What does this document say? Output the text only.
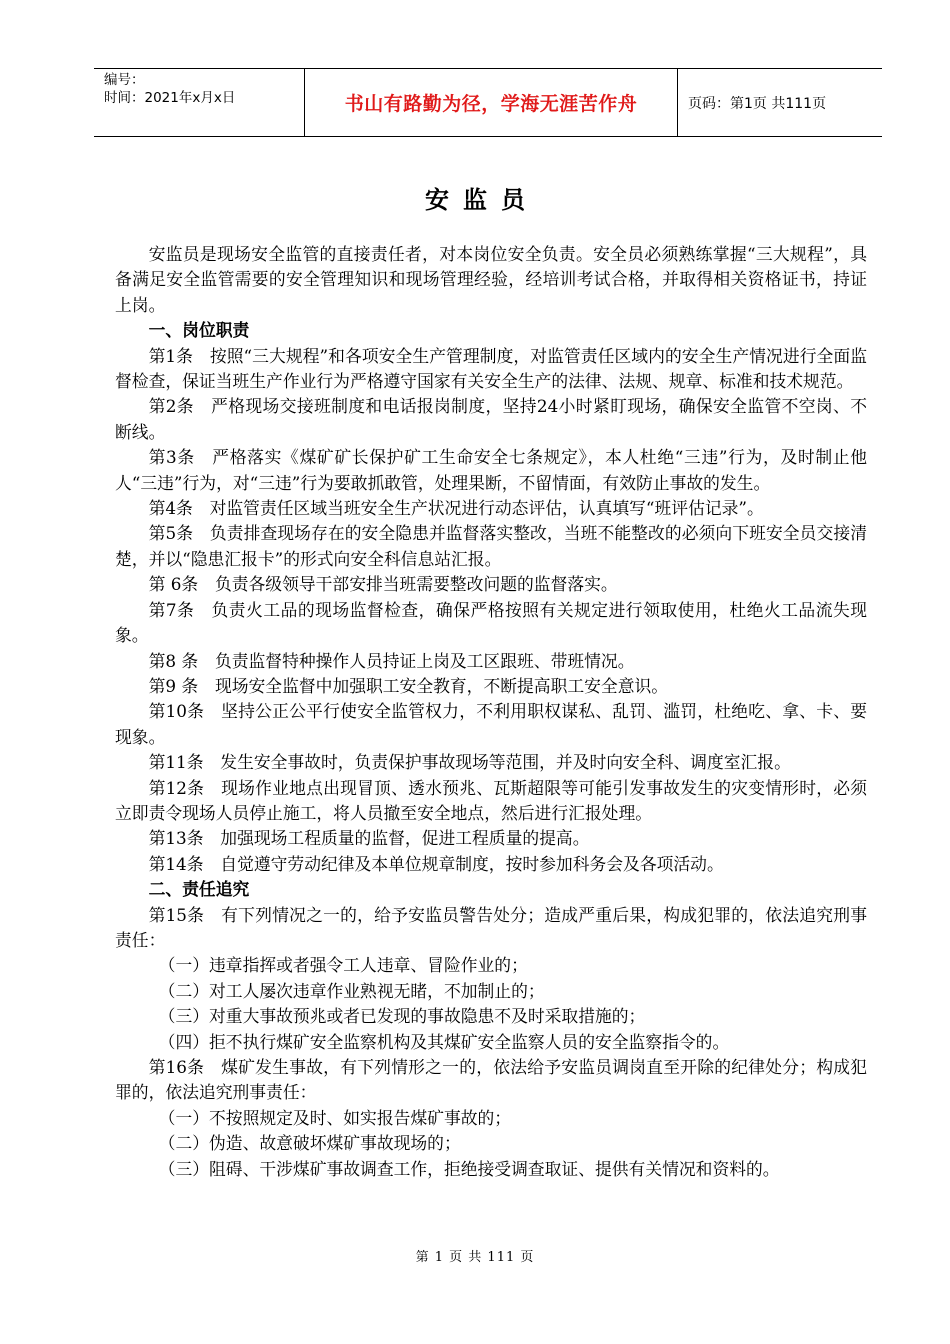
编号：
时间：2021年x月x日	书山有路勤为径，学海无涯苦作舟	页码：第1页 共111页
安监员

安监员是现场安全监管的直接责任者，对本岗位安全负责。安全员必须熟练掌握“三大规程”，具备满足安全监管需要的安全管理知识和现场管理经验，经培训考试合格，并取得相关资格证书，持证上岗。

一、岗位职责

第1条　按照“三大规程”和各项安全生产管理制度，对监管责任区域内的安全生产情况进行全面监督检查，保证当班生产作业行为严格遵守国家有关安全生产的法律、法规、规章、标准和技术规范。

第2条　严格现场交接班制度和电话报岗制度，坚持24小时紧盯现场，确保安全监管不空岗、不断线。

第3条　严格落实《煤矿矿长保护矿工生命安全七条规定》，本人杜绝“三违”行为，及时制止他人“三违”行为，对“三违”行为要敢抓敢管，处理果断，不留情面，有效防止事故的发生。

第4条　对监管责任区域当班安全生产状况进行动态评估，认真填写“班评估记录”。

第5条　负责排查现场存在的安全隐患并监督落实整改，当班不能整改的必须向下班安全员交接清楚，并以“隐患汇报卡”的形式向安全科信息站汇报。

第 6条　负责各级领导干部安排当班需要整改问题的监督落实。

第7条　负责火工品的现场监督检查，确保严格按照有关规定进行领取使用，杜绝火工品流失现象。

第8 条　负责监督特种操作人员持证上岗及工区跟班、带班情况。

第9 条　现场安全监督中加强职工安全教育，不断提高职工安全意识。

第10条　坚持公正公平行使安全监管权力，不利用职权谋私、乱罚、滥罚，杜绝吃、拿、卡、要现象。

第11条　发生安全事故时，负责保护事故现场等范围，并及时向安全科、调度室汇报。

第12条　现场作业地点出现冒顶、透水预兆、瓦斯超限等可能引发事故发生的灾变情形时，必须立即责令现场人员停止施工，将人员撤至安全地点，然后进行汇报处理。

第13条　加强现场工程质量的监督，促进工程质量的提高。

第14条　自觉遵守劳动纪律及本单位规章制度，按时参加科务会及各项活动。

二、责任追究

第15条　有下列情况之一的，给予安监员警告处分；造成严重后果，构成犯罪的，依法追究刑事责任：

（一）违章指挥或者强令工人违章、冒险作业的；

（二）对工人屡次违章作业熟视无睹，不加制止的；

（三）对重大事故预兆或者已发现的事故隐患不及时采取措施的；

（四）拒不执行煤矿安全监察机构及其煤矿安全监察人员的安全监察指令的。

第16条　煤矿发生事故，有下列情形之一的，依法给予安监员调岗直至开除的纪律处分；构成犯罪的，依法追究刑事责任：

（一）不按照规定及时、如实报告煤矿事故的；

（二）伪造、故意破坏煤矿事故现场的；

（三）阻碍、干涉煤矿事故调查工作，拒绝接受调查取证、提供有关情况和资料的。

第 1 页 共 111 页
